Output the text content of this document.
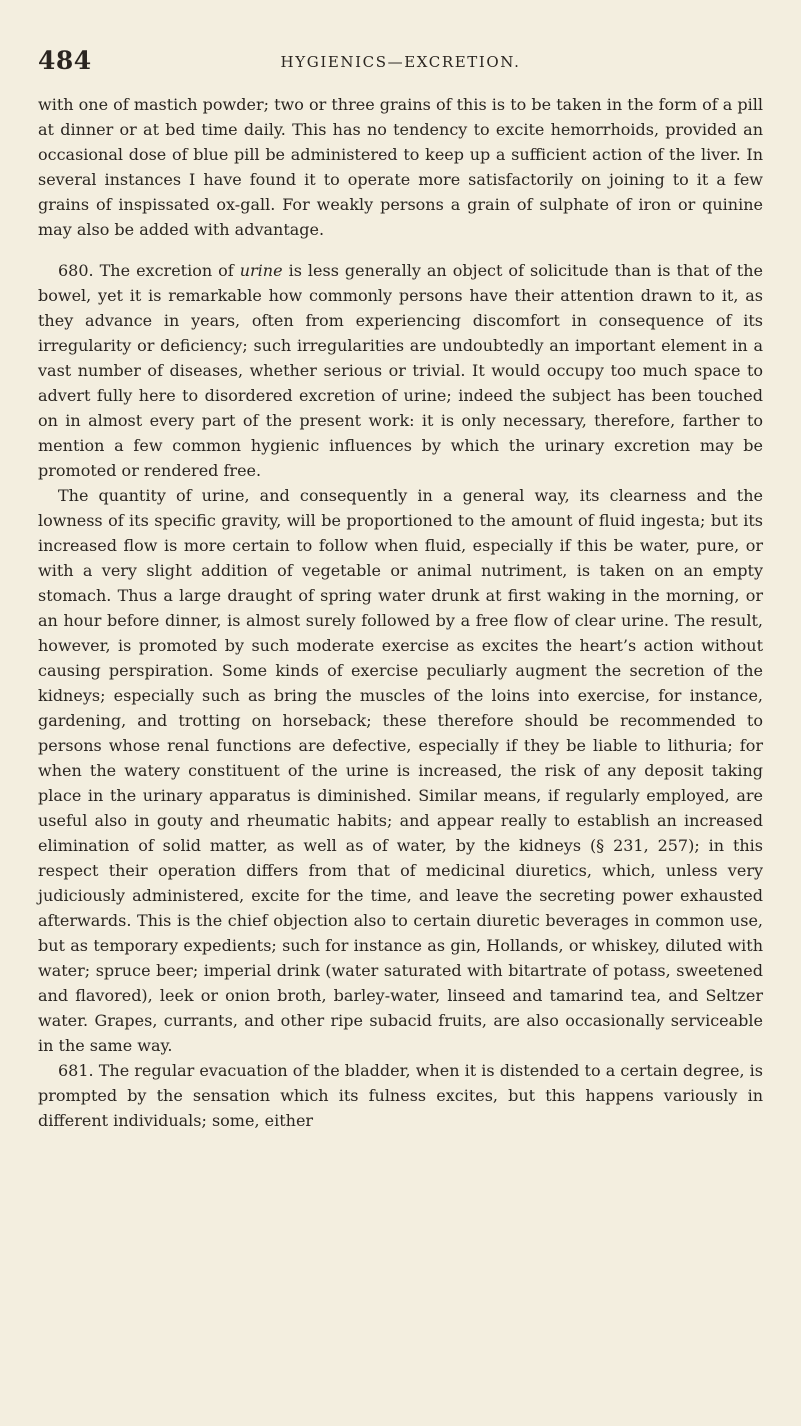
484	HYGIENICS—EXCRETION.

with one of mastich powder; two or three grains of this is to be taken in the form of a pill at dinner or at bed time daily. This has no tendency to excite hemorrhoids, provided an occasional dose of blue pill be administered to keep up a sufficient action of the liver. In several instances I have found it to operate more satisfactorily on joining to it a few grains of inspissated ox-gall. For weakly persons a grain of sulphate of iron or quinine may also be added with advantage.

680. The excretion of urine is less generally an object of solicitude than is that of the bowel, yet it is remarkable how commonly persons have their attention drawn to it, as they advance in years, often from experiencing discomfort in consequence of its irregularity or deficiency; such irregularities are undoubtedly an important element in a vast number of diseases, whether serious or trivial. It would occupy too much space to advert fully here to disordered excretion of urine; indeed the subject has been touched on in almost every part of the present work: it is only necessary, therefore, farther to mention a few common hygienic influences by which the urinary excretion may be promoted or rendered free.

The quantity of urine, and consequently in a general way, its clearness and the lowness of its specific gravity, will be proportioned to the amount of fluid ingesta; but its increased flow is more certain to follow when fluid, especially if this be water, pure, or with a very slight addition of vegetable or animal nutriment, is taken on an empty stomach. Thus a large draught of spring water drunk at first waking in the morning, or an hour before dinner, is almost surely followed by a free flow of clear urine. The result, however, is promoted by such moderate exercise as excites the heart’s action without causing perspiration. Some kinds of exercise peculiarly augment the secretion of the kidneys; especially such as bring the muscles of the loins into exercise, for instance, gardening, and trotting on horseback; these therefore should be recommended to persons whose renal functions are defective, especially if they be liable to lithuria; for when the watery constituent of the urine is increased, the risk of any deposit taking place in the urinary apparatus is diminished. Similar means, if regularly employed, are useful also in gouty and rheumatic habits; and appear really to establish an increased elimination of solid matter, as well as of water, by the kidneys (§ 231, 257); in this respect their operation differs from that of medicinal diuretics, which, unless very judiciously administered, excite for the time, and leave the secreting power exhausted afterwards. This is the chief objection also to certain diuretic beverages in common use, but as temporary expedients; such for instance as gin, Hollands, or whiskey, diluted with water; spruce beer; imperial drink (water saturated with bitartrate of potass, sweetened and flavored), leek or onion broth, barley-water, linseed and tamarind tea, and Seltzer water. Grapes, currants, and other ripe subacid fruits, are also occasionally serviceable in the same way.

681. The regular evacuation of the bladder, when it is distended to a certain degree, is prompted by the sensation which its fulness excites, but this happens variously in different individuals; some, either
